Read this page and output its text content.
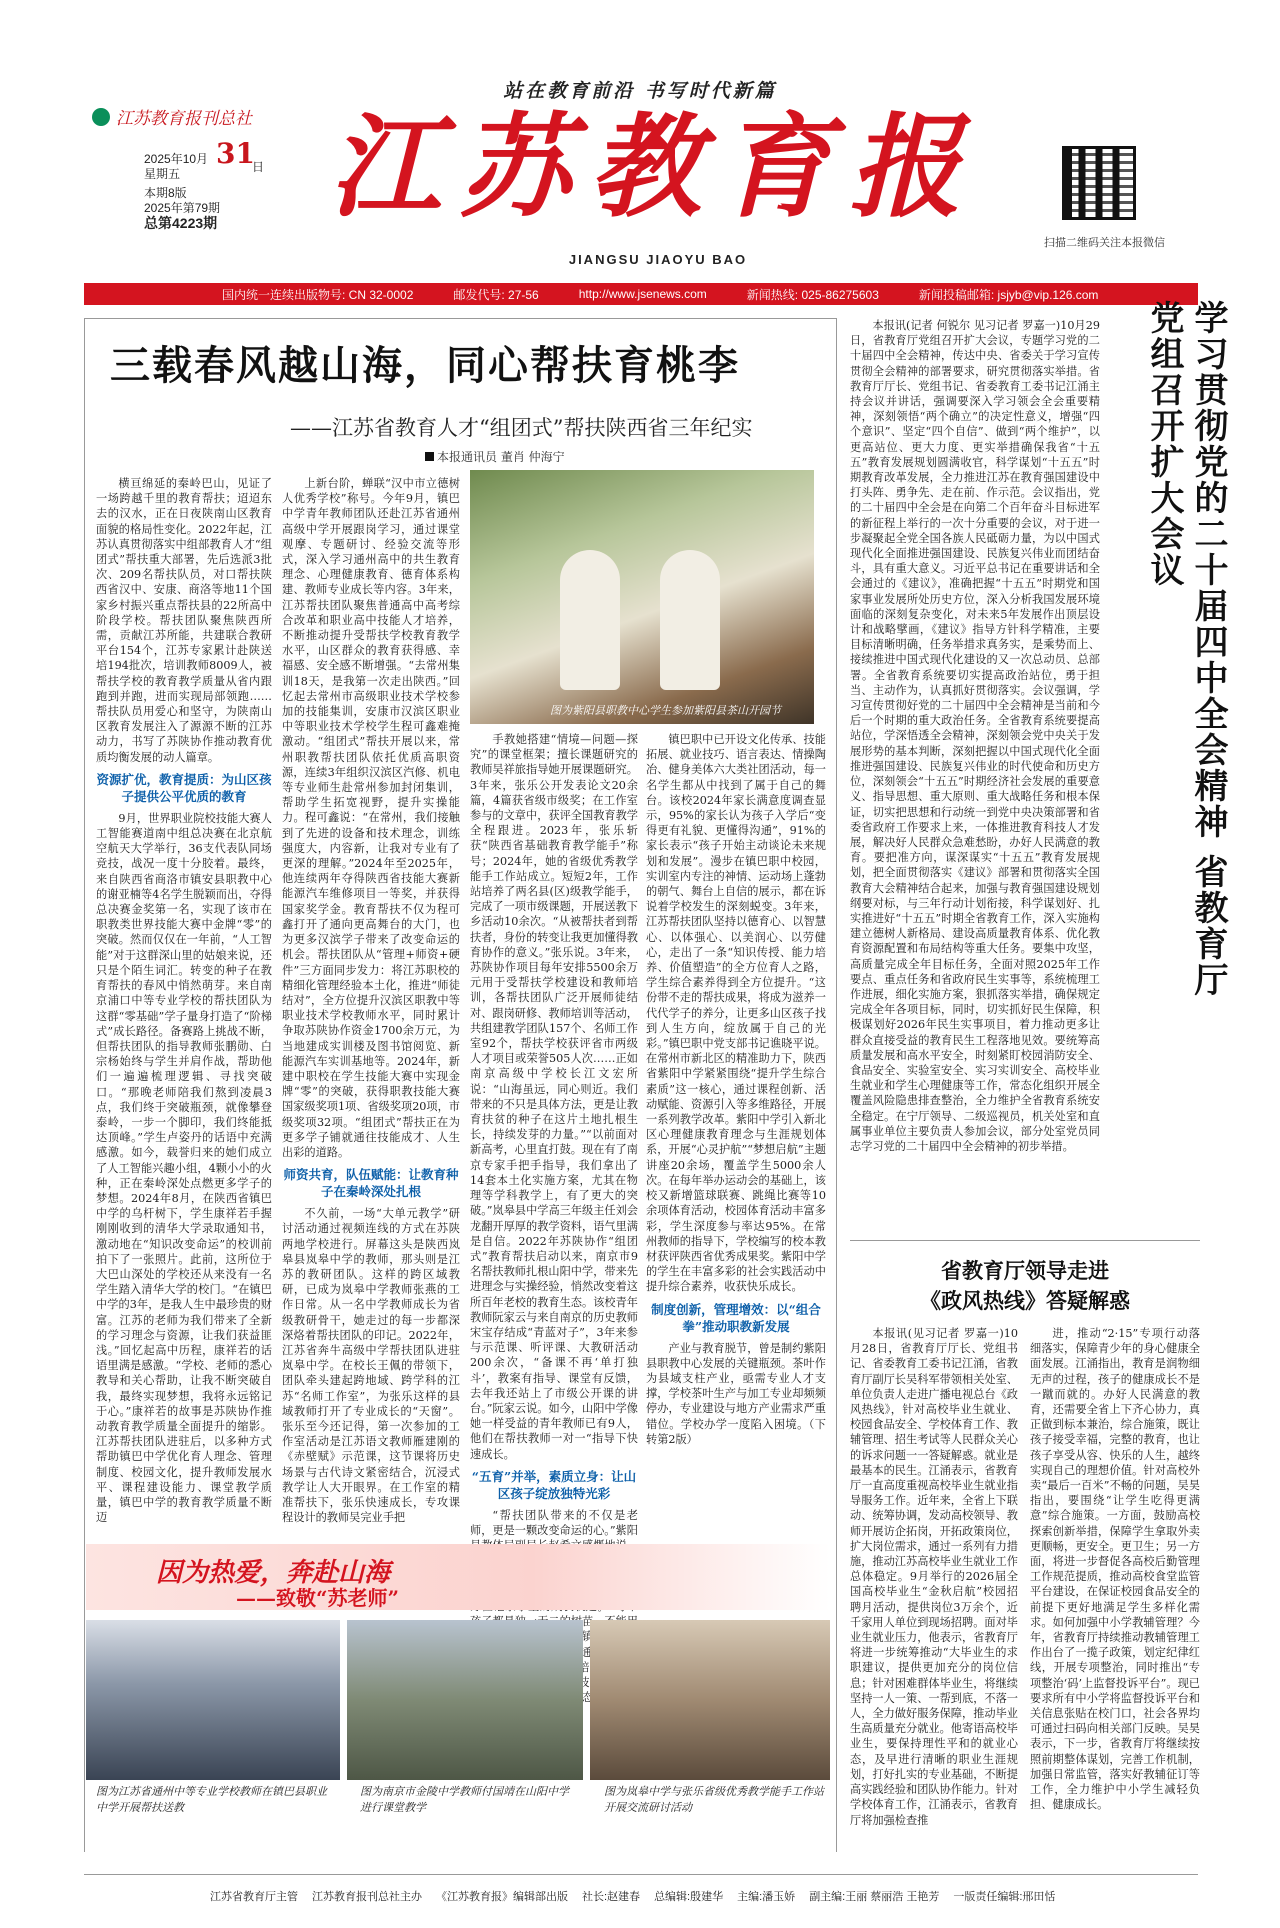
站在教育前沿 书写时代新篇
江苏教育报刊总社
2025年10月
星期五
31
日
本期8版
2025年第79期
总第4223期 江苏教育报
JIANGSU JIAOYU BAO
扫描二维码关注本报微信
国内统一连续出版物号: CN 32-0002	邮发代号: 27-56	http://www.jsenews.com	新闻热线: 025-86275603	新闻投稿邮箱: jsjyb@vip.126.com
三载春风越山海，同心帮扶育桃李
——江苏省教育人才“组团式”帮扶陕西省三年纪实
本报通讯员 董肖 仲海宁

横亘绵延的秦岭巴山，见证了一场跨越千里的教育帮扶；迢迢东去的汉水，正在日夜陕南山区教育面貌的格局性变化。2022年起，江苏认真贯彻落实中组部教育人才“组团式”帮扶重大部署，先后选派3批次、209名帮扶队员，对口帮扶陕西省汉中、安康、商洛等地11个国家乡村振兴重点帮扶县的22所高中阶段学校。帮扶团队聚焦陕西所需，贡献江苏所能，共建联合教研平台154个，江苏专家累计赴陕送培194批次，培训教师8009人，被帮扶学校的教育教学质量从省内跟跑到并跑，进而实现局部领跑……帮扶队员用爱心和坚守，为陕南山区教育发展注入了源源不断的江苏动力，书写了苏陕协作推动教育优质均衡发展的动人篇章。

资源扩优，教育提质：为山区孩子提供公平优质的教育

9月，世界职业院校技能大赛人工智能赛道南中组总决赛在北京航空航天大学举行，36支代表队同场竞技，战况一度十分胶着。最终，来自陕西省商洛市镇安县职教中心的谢亚楠等4名学生脱颖而出，夺得总决赛金奖第一名，实现了该市在职教类世界技能大赛中金牌“零”的突破。然而仅仅在一年前，“人工智能”对于这群深山里的姑娘来说，还只是个陌生词汇。转变的种子在教育帮扶的春风中悄然萌芽。来自南京浦口中等专业学校的帮扶团队为这群“零基础”学子量身打造了“阶梯式”成长路径。备赛路上挑战不断，但帮扶团队的指导教师张鹏勋、白宗杨始终与学生并肩作战，帮助他们一遍遍梳理逻辑、寻找突破口。“那晚老师陪我们熬到凌晨3点，我们终于突破瓶颈，就像攀登泰岭，一步一个脚印，我们终能抵达顶峰。”学生卢姿丹的话语中充满感激。如今，载誉归来的她们成立了人工智能兴趣小组，4颗小小的火种，正在秦岭深处点燃更多学子的梦想。2024年8月，在陕西省镇巴中学的乌杆树下，学生康祥若手握刚刚收到的清华大学录取通知书，激动地在“知识改变命运”的校训前拍下了一张照片。此前，这所位于大巴山深处的学校还从来没有一名学生踏入清华大学的校门。“在镇巴中学的3年，是我人生中最珍贵的财富。江苏的老师为我们带来了全新的学习理念与资源，让我们获益匪浅。”回忆起高中历程，康祥若的话语里满是感激。“学校、老师的悉心教导和关心帮助，让我不断突破自我，最终实现梦想，我将永远铭记于心。”康祥若的故事是苏陕协作推动教育教学质量全面提升的缩影。江苏帮扶团队进驻后，以多种方式帮助镇巴中学优化育人理念、管理制度、校园文化，提升教师发展水平、课程建设能力、课堂教学质量，镇巴中学的教育教学质量不断迈

上新台阶，蝉联“汉中市立德树人优秀学校”称号。今年9月，镇巴中学青年教师团队还赴江苏省通州高级中学开展跟岗学习，通过课堂观摩、专题研讨、经验交流等形式，深入学习通州高中的共生教育理念、心理健康教育、德育体系构建、教师专业成长等内容。3年来，江苏帮扶团队聚焦普通高中高考综合改革和职业高中技能人才培养，不断推动提升受帮扶学校教育教学水平，山区群众的教育获得感、幸福感、安全感不断增强。“去常州集训18天，是我第一次走出陕西。”回忆起去常州市高级职业技术学校参加的技能集训，安康市汉滨区职业中等职业技术学校学生程可鑫难掩激动。“组团式”帮扶开展以来，常州职教帮扶团队依托优质高职资源，连续3年组织汉滨区汽修、机电等专业师生赴常州参加封闭集训，帮助学生拓宽视野，提升实操能力。程可鑫说：“在常州，我们接触到了先进的设备和技术理念，训练强度大，内容新，让我对专业有了更深的理解。”2024年至2025年，他连续两年夺得陕西省技能大赛新能源汽车维修项目一等奖，并获得国家奖学金。教育帮扶不仅为程可鑫打开了通向更高舞台的大门，也为更多汉滨学子带来了改变命运的机会。帮扶团队从“管理+师资+硬件”三方面同步发力：将江苏职校的精细化管理经验本土化，推进“师徒结对”，全方位提升汉滨区职教中等职业技术学校教师水平，同时累计争取苏陕协作资金1700余万元，为当地建成实训楼及图书馆阅览、新能源汽车实训基地等。2024年，新建中职校在学生技能大赛中实现金牌“零”的突破，获得职教技能大赛国家级奖项1项、省级奖项20项，市级奖项32项。“组团式”帮扶正在为更多学子铺就通往技能成才、人生出彩的道路。

师资共育，队伍赋能：让教育种子在秦岭深处扎根

不久前，一场“大单元教学”研讨活动通过视频连线的方式在苏陕两地学校进行。屏幕这头是陕西岚皋县岚皋中学的教师，那头则是江苏的教研团队。这样的跨区域教研，已成为岚皋中学教师张燕的工作日常。从一名中学教师成长为省级教研骨干，她走过的每一步都深深烙着帮扶团队的印记。2022年，江苏省奔牛高级中学帮扶团队进驻岚皋中学。在校长王佩的带领下，团队牵头建起跨地域、跨学科的江苏“名师工作室”，为张乐这样的县域教师打开了专业成长的“天窗”。张乐至今还记得，第一次参加的工作室活动是江苏语文教师雁建刚的《赤壁赋》示范课，这节课将历史场景与古代诗文紧密结合，沉浸式教学让人大开眼界。在工作室的精准帮扶下，张乐快速成长，专攻课程设计的教师吴完业手把

图为紫阳县职教中心学生参加紫阳县茶山开园节

手教她搭建“情境—问题—探究”的课堂框架；擅长课题研究的教师吴祥旅指导她开展课题研究。3年来，张乐公开发表论文20余篇，4篇获省级市级奖；在工作室参与的文章中，获评全国教育教学全程跟进。2023年，张乐斩获“陕西省基础教育教学能手”称号；2024年，她的省级优秀教学能手工作站成立。短短2年，工作站培养了两名县(区)级教学能手，完成了一项市级课题，开展送教下乡活动10余次。“从被帮扶者到帮扶者，身份的转变让我更加懂得教育协作的意义。”张乐说。3年来，苏陕协作项目每年安排5500余万元用于受帮扶学校建设和教师培训，各帮扶团队广泛开展师徒结对、跟岗研修、教师培训等活动，共组建教学团队157个、名师工作室92个，帮扶学校获评省市两级人才项目或荣誉505人次……正如南京高级中学校长江文宏所说：“山海虽远，同心则近。我们带来的不只是具体方法，更是让教育扶贫的种子在这片土地扎根生长，持续发芽的力量。”“以前面对新高考，心里直打鼓。现在有了南京专家手把手指导，我们拿出了14套本土化实施方案，尤其在物理等学科教学上，有了更大的突破。”岚皋县中学高三年级主任刘会龙翻开厚厚的教学资料，语气里满是自信。2022年苏陕协作“组团式”教育帮扶启动以来，南京市9名帮扶教师扎根山阳中学，带来先进理念与实操经验，悄然改变着这所百年老校的教育生态。该校青年教师阮家云与来自南京的历史教师宋宝存结成“青蓝对子”，3年来参与示范课、听评课、大教研活动200余次，“备课不再‘单打独斗’，教案有指导、课堂有反馈，去年我还站上了市级公开课的讲台。”阮家云说。如今，山阳中学像她一样受益的青年教师已有9人，他们在帮扶教师一对一“指导下快速成长。

“五育”并举，素质立身：让山区孩子绽放独特光彩

“帮扶团队带来的不仅是老师，更是一颗改变命运的心。”紫阳 苗 镇 通 培 枝 生态。

镇巴职中已开设文化传承、技能拓展、就业技巧、语言表达、情操陶冶、健身美体六大类社团活动，每一名学生都从中找到了属于自己的舞台。该校2024年家长满意度调查显示，95%的家长认为孩子入学后“变得更有礼貌、更懂得沟通”，91%的家长表示“孩子开始主动谈论未来规划和发展”。漫步在镇巴职中校园，实训室内专注的神情、运动场上蓬勃的朝气、舞台上自信的展示，都在诉说着学校发生的深刻蜕变。3年来，江苏帮扶团队坚持以德育心、以智慧心、以体强心、以美润心、以劳健心，走出了一条“知识传授、能力培养、价值塑造”的全方位育人之路，学生综合素养得到全方位提升。“这份带不走的帮扶成果，将成为滋养一代代学子的养分，让更多山区孩子找到人生方向，绽放属于自己的光彩。”镇巴职中党支部书记谯晓平说。在常州市新北区的精准助力下，陕西省紫阳中学紧紧围绕“提升学生综合素质”这一核心，通过课程创新、活动赋能、资源引入等多维路径，开展一系列教学改革。紫阳中学引入新北区心理健康教育理念与生涯规划体系，开展“心灵护航”“梦想启航”主题讲座20余场，覆盖学生5000余人次。在每年举办运动会的基础上，该校又新增篮球联赛、跳绳比赛等10余项体育活动，校园体育活动丰富多彩，学生深度参与率达95%。在常州教师的指导下，学校编写的校本教材获评陕西省优秀成果奖。紫阳中学的学生在丰富多彩的社会实践活动中提升综合素养，收获快乐成长。

制度创新，管理增效：以“组合拳”推动职教新发展

产业与教育脱节，曾是制约紫阳县职教中心发展的关键瓶颈。茶叶作为县域支柱产业，亟需专业人才支撑，学校茶叶生产与加工专业却频频停办，专业建设与地方产业需求严重错位。学校办学一度陷入困境。（下转第2版）

因为热爱，奔赴山海
——致敬“苏老师”
图为江苏省通州中等专业学校教师在镇巴县职业中学开展帮扶送教
图为南京市金陵中学教师付国靖在山阳中学进行课堂教学
图为岚皋中学与张乐省级优秀教学能手工作站开展交流研讨活动

本报讯(记者 何锐尔 见习记者 罗嘉一)10月29日，省教育厅党组召开扩大会议，专题学习党的二十届四中全会精神，传达中央、省委关于学习宣传贯彻全会精神的部署要求，研究贯彻落实举措。省教育厅厅长、党组书记、省委教育工委书记江涌主持会议并讲话，强调要深入学习领会全会重要精神，深刻领悟“两个确立”的决定性意义，增强“四个意识”、坚定“四个自信”、做到“两个维护”，以更高站位、更大力度、更实举措确保我省“十五五”教育发展规划圆满收官，科学谋划“十五五”时期教育改革发展，全力推进江苏在教育强国建设中打头阵、勇争先、走在前、作示范。会议指出，党的二十届四中全会是在向第二个百年奋斗目标进军的新征程上举行的一次十分重要的会议，对于进一步凝聚起全党全国各族人民砥砺力量，为以中国式现代化全面推进强国建设、民族复兴伟业而团结奋斗，具有重大意义。习近平总书记在重要讲话和全会通过的《建议》，准确把握“十五五”时期党和国家事业发展所处历史方位，深入分析我国发展环境面临的深刻复杂变化，对未来5年发展作出顶层设计和战略擘画，《建议》指导方针科学精准，主要目标清晰明确，任务举措求真务实，是乘势而上、接续推进中国式现代化建设的又一次总动员、总部署。全省教育系统要切实提高政治站位，勇于担当、主动作为，认真抓好贯彻落实。会议强调，学习宣传贯彻好党的二十届四中全会精神是当前和今后一个时期的重大政治任务。全省教育系统要提高站位，学深悟透全会精神，深刻领会党中央关于发展形势的基本判断，深刻把握以中国式现代化全面推进强国建设、民族复兴伟业的时代使命和历史方位，深刻领会“十五五”时期经济社会发展的重要意义、指导思想、重大原则、重大战略任务和根本保证，切实把思想和行动统一到党中央决策部署和省委省政府工作要求上来，一体推进教育科技人才发展，解决好人民群众急难愁盼，办好人民满意的教育。要把准方向，谋深谋实“十五五”教育发展规划，把全面贯彻落实《建议》部署和贯彻落实全国教育大会精神结合起来，加强与教育强国建设规划纲要对标，与三年行动计划衔接，科学谋划好、扎实推进好“十五五”时期全省教育工作，深入实施构建立德树人新格局、建设高质量教育体系、优化教育资源配置和布局结构等重大任务。要集中攻坚，高质量完成全年目标任务，全面对照2025年工作要点、重点任务和省政府民生实事等，系统梳理工作进展，细化实施方案，狠抓落实举措，确保规定完成全年各项目标，同时，切实抓好民生保障，积极谋划好2026年民生实事项目，着力推动更多让群众直接受益的教育民生工程落地见效。要统筹高质量发展和高水平安全，时刻紧盯校园消防安全、食品安全、实验室安全、实习实训安全、高校毕业生就业和学生心理健康等工作，常态化组织开展全覆盖风险隐患排查整治，全力维护全省教育系统安全稳定。在宁厅领导、二级巡视员，机关处室和直属事业单位主要负责人参加会议，部分处室党员同志学习党的二十届四中全会精神的初步举措。

学习贯彻党的二十届四中全会精神 省教育厅党组召开扩大会议
省教育厅领导走进
《政风热线》答疑解惑

本报讯(见习记者 罗嘉一)10月28日，省教育厅厅长、党组书记、省委教育工委书记江涌，省教育厅副厅长吴科军带领相关处室、单位负责人走进广播电视总台《政风热线》，针对高校毕业生就业、校园食品安全、学校体育工作、教辅管理、招生考试等人民群众关心的诉求问题一一答疑解惑。就业是最基本的民生。江涌表示，省教育厅一直高度重视高校毕业生就业指导服务工作。近年来，全省上下联动、统筹协调，发动高校领导、教师开展访企拓岗，开拓政策岗位，扩大岗位需求，通过一系列有力措施，推动江苏高校毕业生就业工作总体稳定。9月举行的2026届全国高校毕业生“金秋启航”校园招聘月活动，提供岗位3万余个，近千家用人单位到现场招聘。面对毕业生就业压力，他表示，省教育厅将进一步统筹推动“大毕业生的求职建议，提供更加充分的岗位信息；针对困难群体毕业生，将继续坚持一人一策、一帮到底，不落一人，全力做好服务保障，推动毕业生高质量充分就业。他寄语高校毕业生，要保持理性平和的就业心态，及早进行清晰的职业生涯规划，打好扎实的专业基础，不断提高实践经验和团队协作能力。针对学校体育工作，江涌表示，省教育厅将加强检查推

进，推动“2·15”专项行动落细落实，保障青少年的身心健康全面发展。江涌指出，教育是润物细无声的过程，孩子的健康成长不是一蹴而就的。办好人民满意的教育，还需要全省上下齐心协力，真正做到标本兼治，综合施策，既让孩子接受幸福，完整的教育，也让孩子享受从容、快乐的人生，越终实现自己的理想价值。针对高校外卖“最后一百米”不畅的问题，吴昊指出，要围绕“让学生吃得更满意”综合施策。一方面，鼓励高校探索创新举措，保障学生拿取外卖更顺畅，更安全。更卫生；另一方面，将进一步督促各高校后勤管理工作规范提质，推动高校食堂监管平台建设，在保证校园食品安全的前提下更好地满足学生多样化需求。如何加强中小学教辅管理？今年，省教育厅持续推动教辅管理工作出台了一揽子政策，划定纪律红线，开展专项整治，同时推出“专项整治‘码’上监督投诉平台”。现已要求所有中小学将监督投诉平台和关信息张贴在校门口，社会各界均可通过扫码向相关部门反映。吴昊表示，下一步，省教育厅将继续按照前期整体谋划，完善工作机制，加强日常监管，落实好教辅征订等工作，全力维护中小学生减轻负担、健康成长。

江苏省教育厅主管 江苏教育报刊总社主办 《江苏教育报》编辑部出版 社长:赵建春 总编辑:殷建华 主编:潘玉娇 副主编:王丽 蔡丽浩 王艳芳 一版责任编辑:邢田恬
